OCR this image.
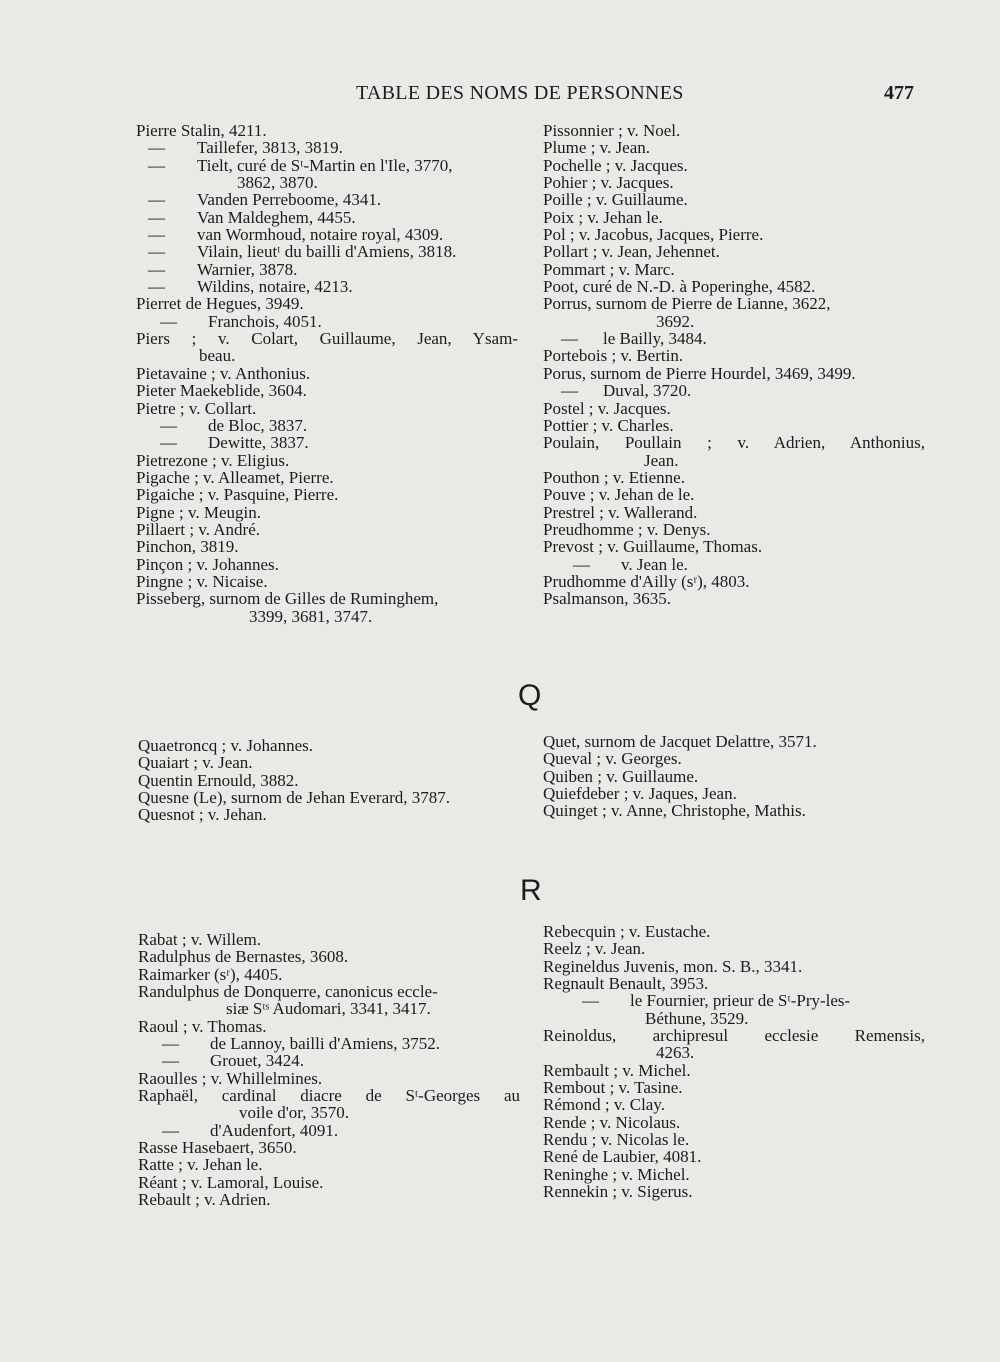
TABLE DES NOMS DE PERSONNES	477
Pierre Stalin, 4211.
— Taillefer, 3813, 3819.
— Tielt, curé de Sᵗ-Martin en l'Ile, 3770,
3862, 3870.
— Vanden Perreboome, 4341.
— Van Maldeghem, 4455.
— van Wormhoud, notaire royal, 4309.
— Vilain, lieutᵗ du bailli d'Amiens, 3818.
— Warnier, 3878.
— Wildins, notaire, 4213.
Pierret de Hegues, 3949.
— Franchois, 4051.
Piers ; v. Colart, Guillaume, Jean, Ysam-
beau.
Pietavaine ; v. Anthonius.
Pieter Maekeblide, 3604.
Pietre ; v. Collart.
— de Bloc, 3837.
— Dewitte, 3837.
Pietrezone ; v. Eligius.
Pigache ; v. Alleamet, Pierre.
Pigaiche ; v. Pasquine, Pierre.
Pigne ; v. Meugin.
Pillaert ; v. André.
Pinchon, 3819.
Pinçon ; v. Johannes.
Pingne ; v. Nicaise.
Pisseberg, surnom de Gilles de Ruminghem,
3399, 3681, 3747.
Pissonnier ; v. Noel.
Plume ; v. Jean.
Pochelle ; v. Jacques.
Pohier ; v. Jacques.
Poille ; v. Guillaume.
Poix ; v. Jehan le.
Pol ; v. Jacobus, Jacques, Pierre.
Pollart ; v. Jean, Jehennet.
Pommart ; v. Marc.
Poot, curé de N.-D. à Poperinghe, 4582.
Porrus, surnom de Pierre de Lianne, 3622,
3692.
— le Bailly, 3484.
Portebois ; v. Bertin.
Porus, surnom de Pierre Hourdel, 3469, 3499.
— Duval, 3720.
Postel ; v. Jacques.
Pottier ; v. Charles.
Poulain, Poullain ; v. Adrien, Anthonius,
Jean.
Pouthon ; v. Etienne.
Pouve ; v. Jehan de le.
Prestrel ; v. Wallerand.
Preudhomme ; v. Denys.
Prevost ; v. Guillaume, Thomas.
— v. Jean le.
Prudhomme d'Ailly (sʳ), 4803.
Psalmanson, 3635.
Q
Quaetroncq ; v. Johannes.
Quaiart ; v. Jean.
Quentin Ernould, 3882.
Quesne (Le), surnom de Jehan Everard, 3787.
Quesnot ; v. Jehan.
Quet, surnom de Jacquet Delattre, 3571.
Queval ; v. Georges.
Quiben ; v. Guillaume.
Quiefdeber ; v. Jaques, Jean.
Quinget ; v. Anne, Christophe, Mathis.
R
Rabat ; v. Willem.
Radulphus de Bernastes, 3608.
Raimarker (sʳ), 4405.
Randulphus de Donquerre, canonicus eccle-
siæ Sᵗˢ Audomari, 3341, 3417.
Raoul ; v. Thomas.
— de Lannoy, bailli d'Amiens, 3752.
— Grouet, 3424.
Raoulles ; v. Whillelmines.
Raphaël, cardinal diacre de Sᵗ-Georges au
voile d'or, 3570.
— d'Audenfort, 4091.
Rasse Hasebaert, 3650.
Ratte ; v. Jehan le.
Réant ; v. Lamoral, Louise.
Rebault ; v. Adrien.
Rebecquin ; v. Eustache.
Reelz ; v. Jean.
Regineldus Juvenis, mon. S. B., 3341.
Regnault Benault, 3953.
— le Fournier, prieur de Sᵗ-Pry-les-
Béthune, 3529.
Reinoldus, archipresul ecclesie Remensis,
4263.
Rembault ; v. Michel.
Rembout ; v. Tasine.
Rémond ; v. Clay.
Rende ; v. Nicolaus.
Rendu ; v. Nicolas le.
René de Laubier, 4081.
Reninghe ; v. Michel.
Rennekin ; v. Sigerus.
